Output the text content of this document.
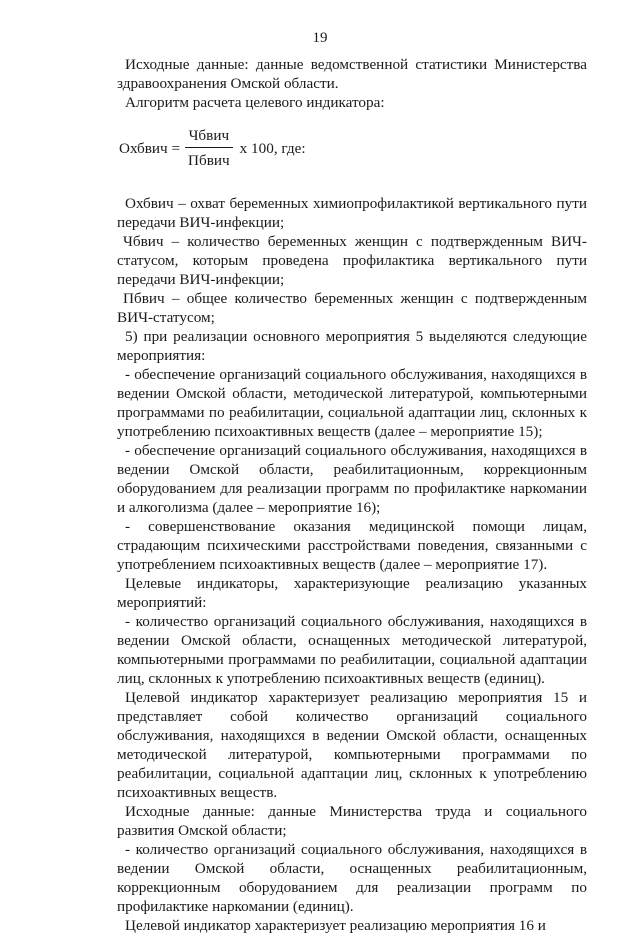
19

Исходные данные: данные ведомственной статистики Министерства здравоохранения Омской области.

Алгоритм расчета целевого индикатора:

Охбвич = $\frac{\text{Чбвич}}{\text{Пбвич}}$ х 100, где:

Охбвич – охват беременных химиопрофилактикой вертикального пути передачи ВИЧ-инфекции;

Чбвич – количество беременных женщин с подтвержденным ВИЧ-статусом, которым проведена профилактика вертикального пути передачи ВИЧ-инфекции;

Пбвич – общее количество беременных женщин с подтвержденным ВИЧ-статусом;

5) при реализации основного мероприятия 5 выделяются следующие мероприятия:

- обеспечение организаций социального обслуживания, находящихся в ведении Омской области, методической литературой, компьютерными программами по реабилитации, социальной адаптации лиц, склонных к употреблению психоактивных веществ (далее – мероприятие 15);

- обеспечение организаций социального обслуживания, находящихся в ведении Омской области, реабилитационным, коррекционным оборудованием для реализации программ по профилактике наркомании и алкоголизма (далее – мероприятие 16);

- совершенствование оказания медицинской помощи лицам, страдающим психическими расстройствами поведения, связанными с употреблением психоактивных веществ (далее – мероприятие 17).

Целевые индикаторы, характеризующие реализацию указанных мероприятий:

- количество организаций социального обслуживания, находящихся в ведении Омской области, оснащенных методической литературой, компьютерными программами по реабилитации, социальной адаптации лиц, склонных к употреблению психоактивных веществ (единиц).

Целевой индикатор характеризует реализацию мероприятия 15 и представляет собой количество организаций социального обслуживания, находящихся в ведении Омской области, оснащенных методической литературой, компьютерными программами по реабилитации, социальной адаптации лиц, склонных к употреблению психоактивных веществ.

Исходные данные: данные Министерства труда и социального развития Омской области;

- количество организаций социального обслуживания, находящихся в ведении Омской области, оснащенных реабилитационным, коррекционным оборудованием для реализации программ по профилактике наркомании (единиц).

Целевой индикатор характеризует реализацию мероприятия 16 и
